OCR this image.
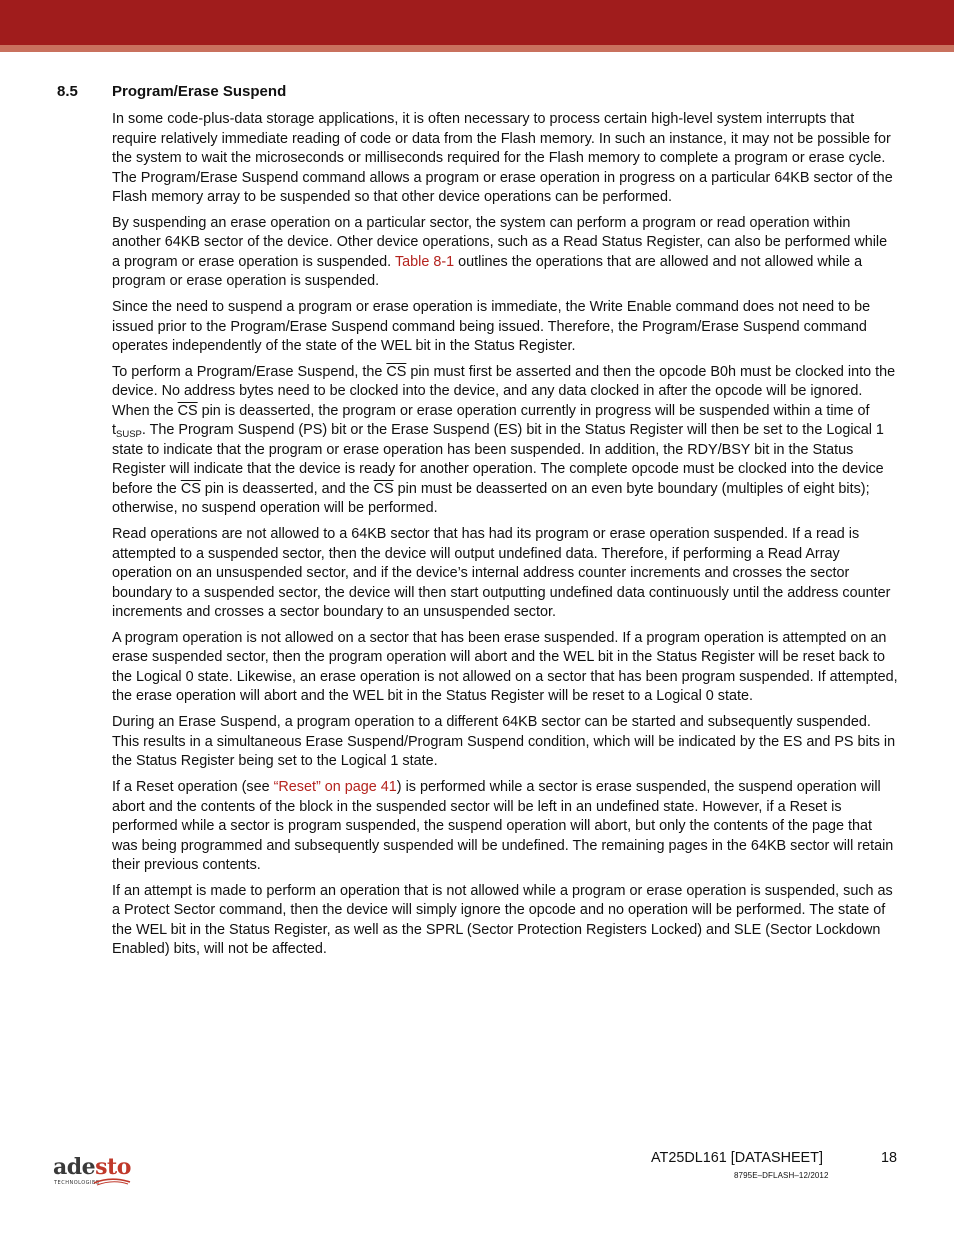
8.5 Program/Erase Suspend

In some code-plus-data storage applications, it is often necessary to process certain high-level system interrupts that require relatively immediate reading of code or data from the Flash memory. In such an instance, it may not be possible for the system to wait the microseconds or milliseconds required for the Flash memory to complete a program or erase cycle. The Program/Erase Suspend command allows a program or erase operation in progress on a particular 64KB sector of the Flash memory array to be suspended so that other device operations can be performed.

By suspending an erase operation on a particular sector, the system can perform a program or read operation within another 64KB sector of the device. Other device operations, such as a Read Status Register, can also be performed while a program or erase operation is suspended. Table 8-1 outlines the operations that are allowed and not allowed while a program or erase operation is suspended.

Since the need to suspend a program or erase operation is immediate, the Write Enable command does not need to be issued prior to the Program/Erase Suspend command being issued. Therefore, the Program/Erase Suspend command operates independently of the state of the WEL bit in the Status Register.

To perform a Program/Erase Suspend, the $\overline{CS}$ pin must first be asserted and then the opcode B0h must be clocked into the device. No address bytes need to be clocked into the device, and any data clocked in after the opcode will be ignored. When the $\overline{CS}$ pin is deasserted, the program or erase operation currently in progress will be suspended within a time of $t_{SUSP}$. The Program Suspend (PS) bit or the Erase Suspend (ES) bit in the Status Register will then be set to the Logical 1 state to indicate that the program or erase operation has been suspended. In addition, the RDY/BSY bit in the Status Register will indicate that the device is ready for another operation. The complete opcode must be clocked into the device before the $\overline{CS}$ pin is deasserted, and the $\overline{CS}$ pin must be deasserted on an even byte boundary (multiples of eight bits); otherwise, no suspend operation will be performed.

Read operations are not allowed to a 64KB sector that has had its program or erase operation suspended. If a read is attempted to a suspended sector, then the device will output undefined data. Therefore, if performing a Read Array operation on an unsuspended sector, and if the device’s internal address counter increments and crosses the sector boundary to a suspended sector, the device will then start outputting undefined data continuously until the address counter increments and crosses a sector boundary to an unsuspended sector.

A program operation is not allowed on a sector that has been erase suspended. If a program operation is attempted on an erase suspended sector, then the program operation will abort and the WEL bit in the Status Register will be reset back to the Logical 0 state. Likewise, an erase operation is not allowed on a sector that has been program suspended. If attempted, the erase operation will abort and the WEL bit in the Status Register will be reset to a Logical 0 state.

During an Erase Suspend, a program operation to a different 64KB sector can be started and subsequently suspended. This results in a simultaneous Erase Suspend/Program Suspend condition, which will be indicated by the ES and PS bits in the Status Register being set to the Logical 1 state.

If a Reset operation (see “Reset” on page 41) is performed while a sector is erase suspended, the suspend operation will abort and the contents of the block in the suspended sector will be left in an undefined state. However, if a Reset is performed while a sector is program suspended, the suspend operation will abort, but only the contents of the page that was being programmed and subsequently suspended will be undefined. The remaining pages in the 64KB sector will retain their previous contents.

If an attempt is made to perform an operation that is not allowed while a program or erase operation is suspended, such as a Protect Sector command, then the device will simply ignore the opcode and no operation will be performed. The state of the WEL bit in the Status Register, as well as the SPRL (Sector Protection Registers Locked) and SLE (Sector Lockdown Enabled) bits, will not be affected.

adesto
TECHNOLOGIES
AT25DL161 [DATASHEET]	18
8795E–DFLASH–12/2012
